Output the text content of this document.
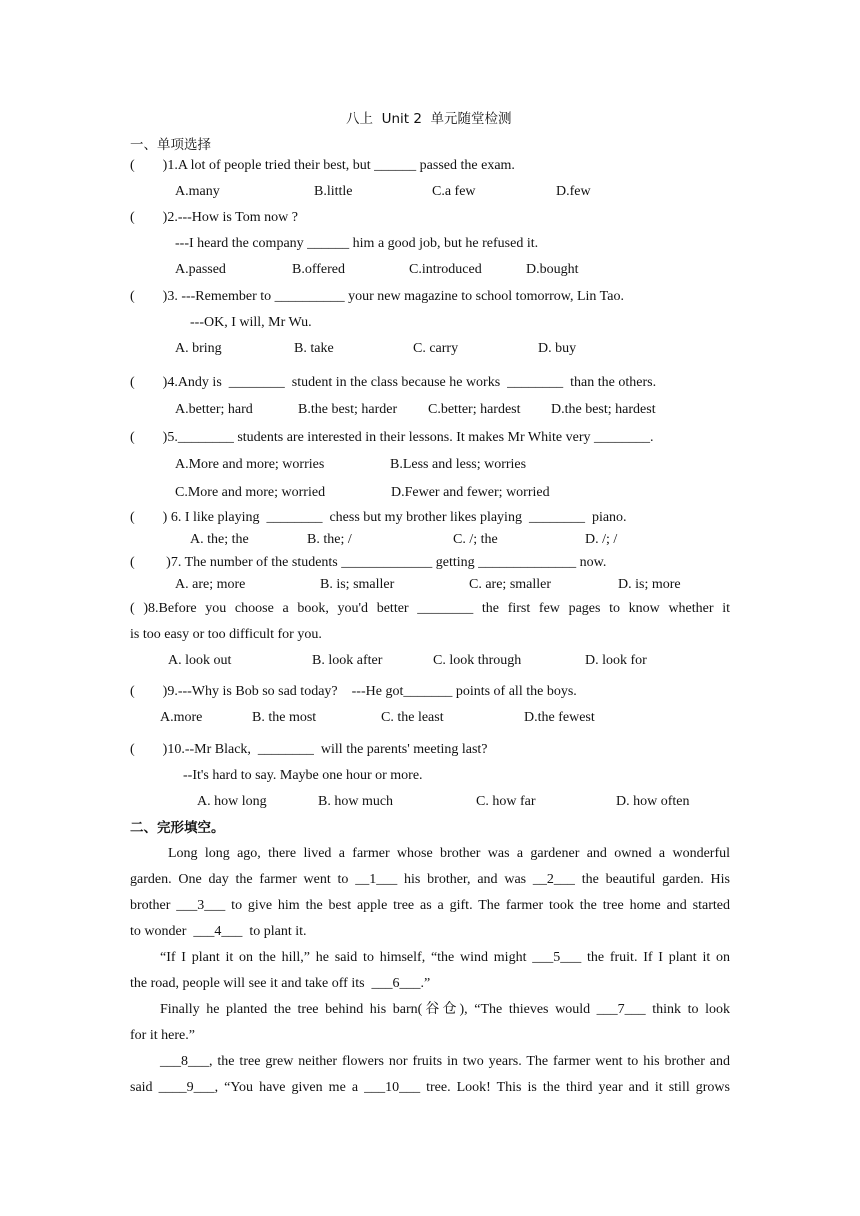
八上  Unit 2  单元随堂检测
一、单项选择
(        )1.A lot of people tried their best, but ______ passed the exam.
A.many	B.little	C.a few	D.few
(        )2.---How is Tom now ?
---I heard the company ______ him a good job, but he refused it.
A.passed	B.offered	C.introduced	D.bought
(        )3. ---Remember to __________ your new magazine to school tomorrow, Lin Tao.
---OK, I will, Mr Wu.
A. bring	B. take	C. carry	D. buy
(        )4.Andy is  ________  student in the class because he works  ________  than the others.
A.better; hard	B.the best; harder C.better; hardest D.the best; hardest
(        )5.________ students are interested in their lessons. It makes Mr White very ________.
A.More and more; worries	B.Less and less; worries
C.More and more; worried	D.Fewer and fewer; worried
(        ) 6. I like playing  ________  chess but my brother likes playing  ________  piano.
A. the; the	B. the; /	C. /; the	D. /; /
(         )7. The number of the students _____________ getting ______________ now.
A. are; more	B. is; smaller	C. are; smaller	D. is; more
( )8.Before you choose a book, you'd better ________ the first few pages to know whether it
is too easy or too difficult for you.
A. look out	B. look after	C. look through	D. look for
(        )9.---Why is Bob so sad today?    ---He got_______ points of all the boys.
A.more	B. the most	C. the least	D.the fewest
(        )10.--Mr Black,  ________  will the parents' meeting last?
--It's hard to say. Maybe one hour or more.
A. how long	B. how much	C. how far	D. how often
二、完形填空。
Long long ago, there lived a farmer whose brother was a gardener and owned a wonderful
garden. One day the farmer went to __1___ his brother, and was __2___ the beautiful garden. His
brother ___3___ to give him the best apple tree as a gift. The farmer took the tree home and started
to wonder  ___4___  to plant it.
“If I plant it on the hill,” he said to himself, “the wind might ___5___ the fruit. If I plant it on
the road, people will see it and take off its  ___6___.”
Finally he planted the tree behind his barn(谷仓), “The thieves would ___7___ think to look
for it here.”
___8___, the tree grew neither flowers nor fruits in two years. The farmer went to his brother and
said ____9___, “You have given me a ___10___ tree. Look! This is the third year and it still grows
